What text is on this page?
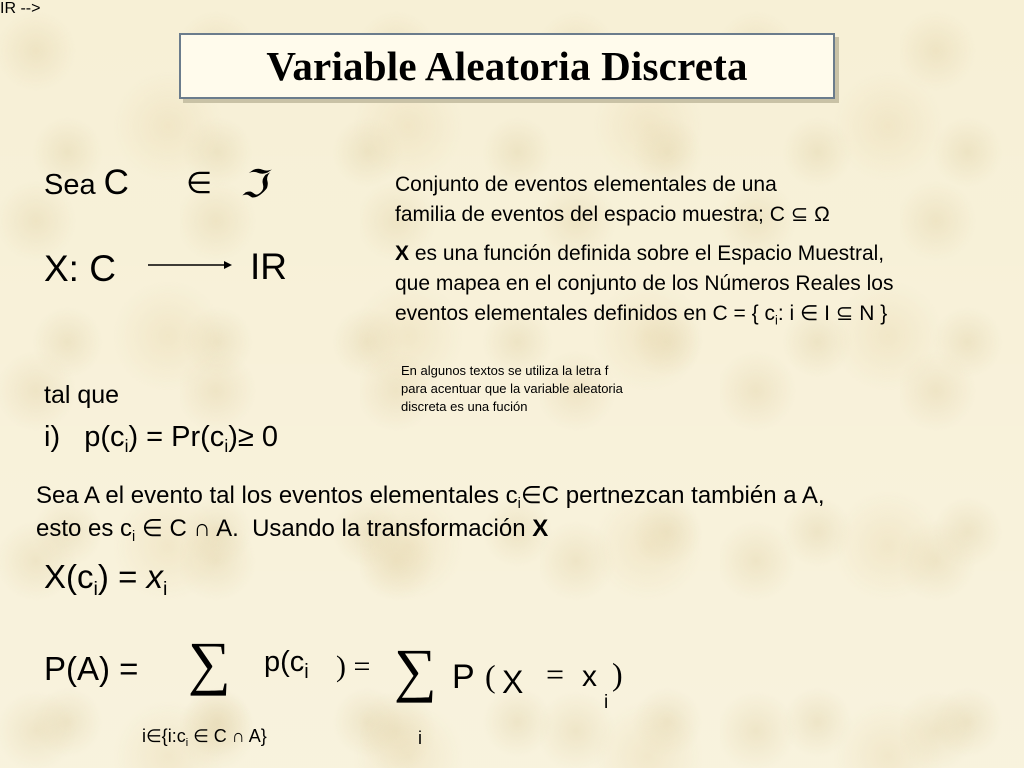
Variable Aleatoria Discreta
Sea C ∈ ℑ
IR -->
X: C	IR
Conjunto de eventos elementales de una
familia de eventos del espacio muestra; C ⊆ Ω
X es una función definida sobre el Espacio Muestral,
que mapea en el conjunto de los Números Reales los
eventos elementales definidos en C = { $c_i$: i ∈ I ⊆ N }
En algunos textos se utiliza la letra f
para acentuar que la variable aleatoria
discreta es una fución
tal que
i)   $p(c_i) = Pr(c_i)\ge 0$
Sea A el evento tal los eventos elementales $c_i\in C$ pertnezcan también a A,
esto es $c_i$ ∈ C ∩ A.  Usando la transformación X
$X(c_i) = x_i$
P(A) = ∑ $p(c_i$ ) = ∑ P ( X = x )
i
$i\in\{i:c_i$ ∈ C ∩ A}	i
